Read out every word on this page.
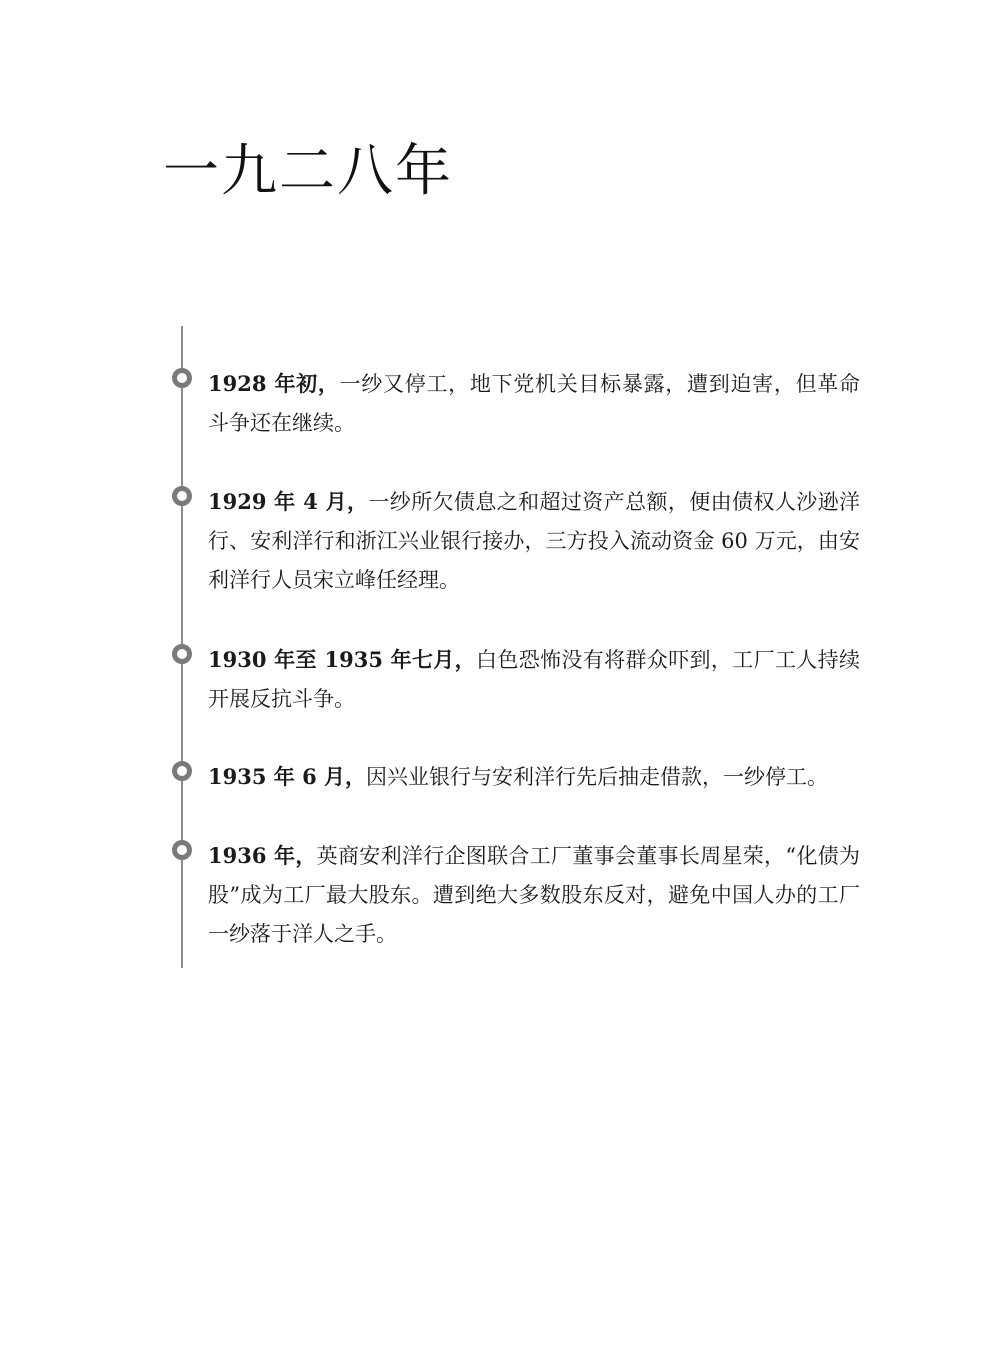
一九二八年

1928 年初，一纱又停工，地下党机关目标暴露，遭到迫害，但革命斗争还在继续。

1929 年 4 月，一纱所欠债息之和超过资产总额，便由债权人沙逊洋行、安利洋行和浙江兴业银行接办，三方投入流动资金 60 万元，由安利洋行人员宋立峰任经理。

1930 年至 1935 年七月，白色恐怖没有将群众吓到，工厂工人持续开展反抗斗争。

1935 年 6 月，因兴业银行与安利洋行先后抽走借款，一纱停工。

1936 年，英商安利洋行企图联合工厂董事会董事长周星荣，“化债为股”成为工厂最大股东。遭到绝大多数股东反对，避免中国人办的工厂一纱落于洋人之手。
